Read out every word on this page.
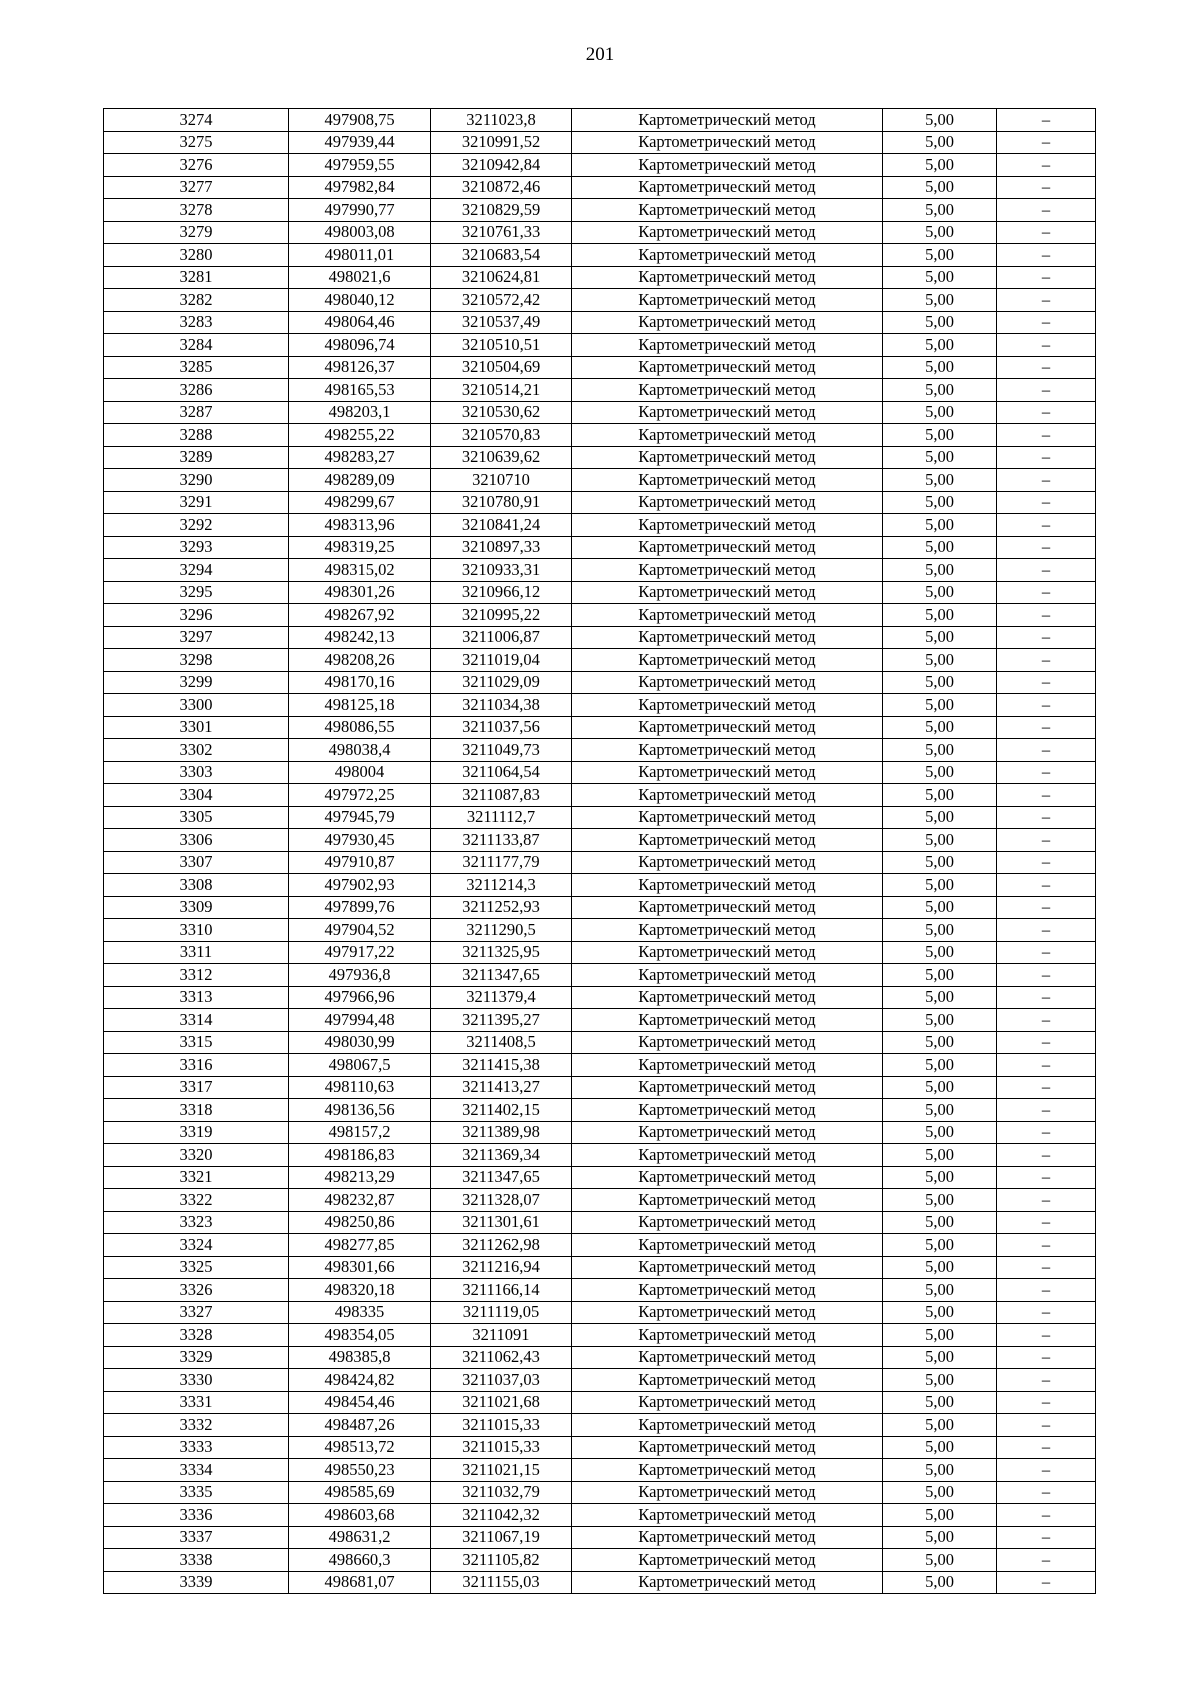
201
3274	497908,75	3211023,8	Картометрический метод	5,00	–
3275	497939,44	3210991,52	Картометрический метод	5,00	–
3276	497959,55	3210942,84	Картометрический метод	5,00	–
3277	497982,84	3210872,46	Картометрический метод	5,00	–
3278	497990,77	3210829,59	Картометрический метод	5,00	–
3279	498003,08	3210761,33	Картометрический метод	5,00	–
3280	498011,01	3210683,54	Картометрический метод	5,00	–
3281	498021,6	3210624,81	Картометрический метод	5,00	–
3282	498040,12	3210572,42	Картометрический метод	5,00	–
3283	498064,46	3210537,49	Картометрический метод	5,00	–
3284	498096,74	3210510,51	Картометрический метод	5,00	–
3285	498126,37	3210504,69	Картометрический метод	5,00	–
3286	498165,53	3210514,21	Картометрический метод	5,00	–
3287	498203,1	3210530,62	Картометрический метод	5,00	–
3288	498255,22	3210570,83	Картометрический метод	5,00	–
3289	498283,27	3210639,62	Картометрический метод	5,00	–
3290	498289,09	3210710	Картометрический метод	5,00	–
3291	498299,67	3210780,91	Картометрический метод	5,00	–
3292	498313,96	3210841,24	Картометрический метод	5,00	–
3293	498319,25	3210897,33	Картометрический метод	5,00	–
3294	498315,02	3210933,31	Картометрический метод	5,00	–
3295	498301,26	3210966,12	Картометрический метод	5,00	–
3296	498267,92	3210995,22	Картометрический метод	5,00	–
3297	498242,13	3211006,87	Картометрический метод	5,00	–
3298	498208,26	3211019,04	Картометрический метод	5,00	–
3299	498170,16	3211029,09	Картометрический метод	5,00	–
3300	498125,18	3211034,38	Картометрический метод	5,00	–
3301	498086,55	3211037,56	Картометрический метод	5,00	–
3302	498038,4	3211049,73	Картометрический метод	5,00	–
3303	498004	3211064,54	Картометрический метод	5,00	–
3304	497972,25	3211087,83	Картометрический метод	5,00	–
3305	497945,79	3211112,7	Картометрический метод	5,00	–
3306	497930,45	3211133,87	Картометрический метод	5,00	–
3307	497910,87	3211177,79	Картометрический метод	5,00	–
3308	497902,93	3211214,3	Картометрический метод	5,00	–
3309	497899,76	3211252,93	Картометрический метод	5,00	–
3310	497904,52	3211290,5	Картометрический метод	5,00	–
3311	497917,22	3211325,95	Картометрический метод	5,00	–
3312	497936,8	3211347,65	Картометрический метод	5,00	–
3313	497966,96	3211379,4	Картометрический метод	5,00	–
3314	497994,48	3211395,27	Картометрический метод	5,00	–
3315	498030,99	3211408,5	Картометрический метод	5,00	–
3316	498067,5	3211415,38	Картометрический метод	5,00	–
3317	498110,63	3211413,27	Картометрический метод	5,00	–
3318	498136,56	3211402,15	Картометрический метод	5,00	–
3319	498157,2	3211389,98	Картометрический метод	5,00	–
3320	498186,83	3211369,34	Картометрический метод	5,00	–
3321	498213,29	3211347,65	Картометрический метод	5,00	–
3322	498232,87	3211328,07	Картометрический метод	5,00	–
3323	498250,86	3211301,61	Картометрический метод	5,00	–
3324	498277,85	3211262,98	Картометрический метод	5,00	–
3325	498301,66	3211216,94	Картометрический метод	5,00	–
3326	498320,18	3211166,14	Картометрический метод	5,00	–
3327	498335	3211119,05	Картометрический метод	5,00	–
3328	498354,05	3211091	Картометрический метод	5,00	–
3329	498385,8	3211062,43	Картометрический метод	5,00	–
3330	498424,82	3211037,03	Картометрический метод	5,00	–
3331	498454,46	3211021,68	Картометрический метод	5,00	–
3332	498487,26	3211015,33	Картометрический метод	5,00	–
3333	498513,72	3211015,33	Картометрический метод	5,00	–
3334	498550,23	3211021,15	Картометрический метод	5,00	–
3335	498585,69	3211032,79	Картометрический метод	5,00	–
3336	498603,68	3211042,32	Картометрический метод	5,00	–
3337	498631,2	3211067,19	Картометрический метод	5,00	–
3338	498660,3	3211105,82	Картометрический метод	5,00	–
3339	498681,07	3211155,03	Картометрический метод	5,00	–
